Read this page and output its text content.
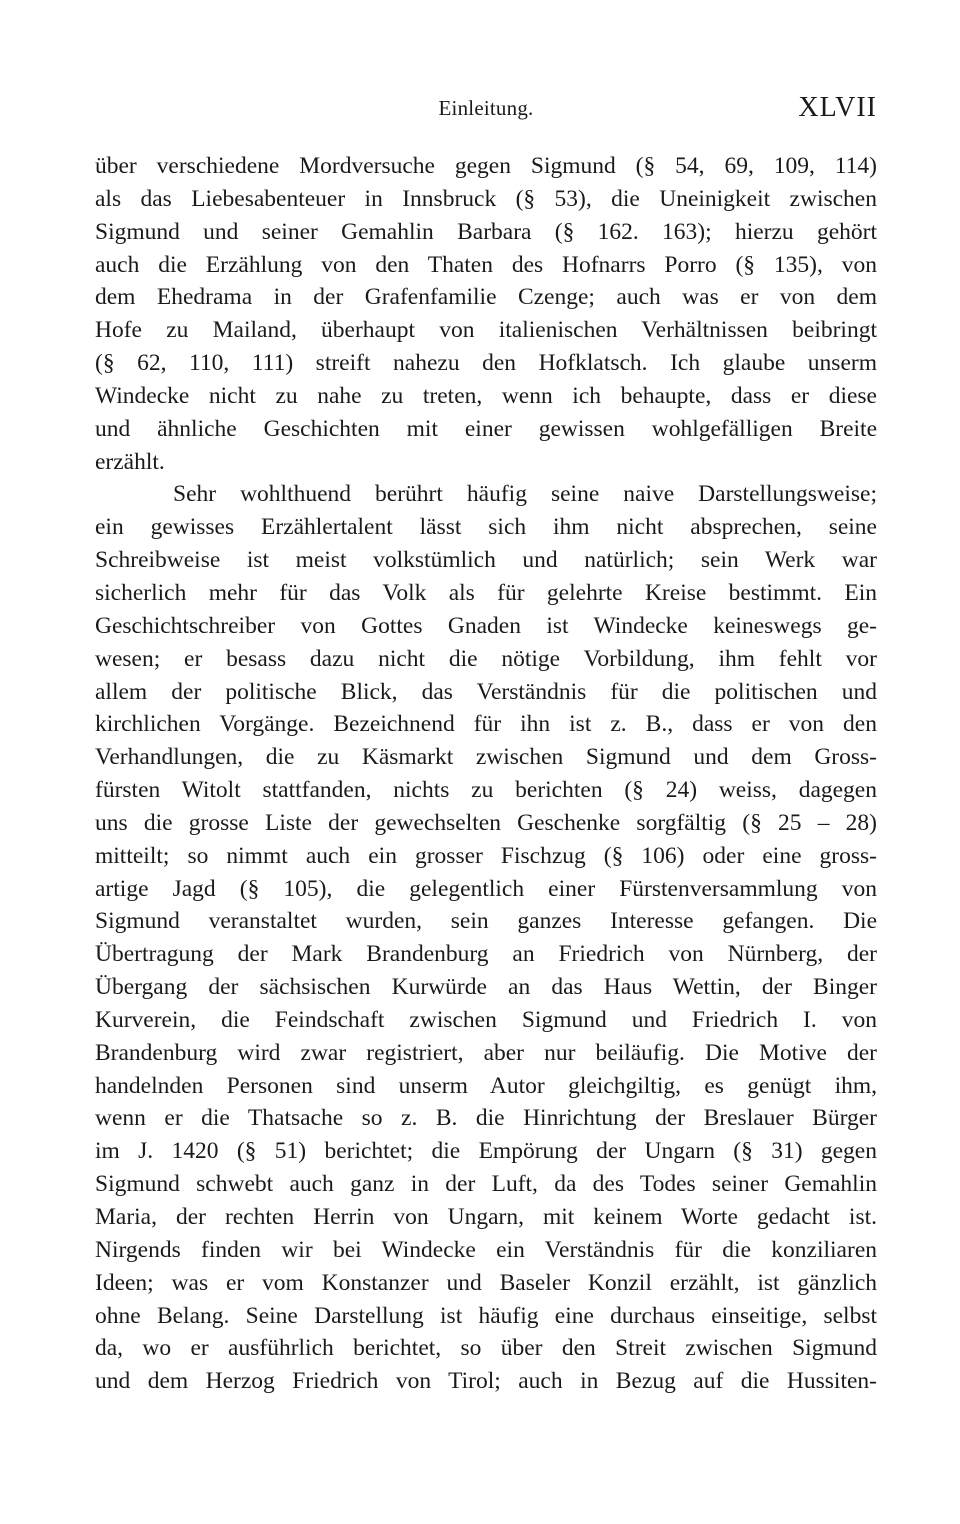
Einleitung.	XLVII
über verschiedene Mordversuche gegen Sigmund (§ 54, 69, 109, 114)
als das Liebesabenteuer in Innsbruck (§ 53), die Uneinigkeit zwischen
Sigmund und seiner Gemahlin Barbara (§ 162. 163); hierzu gehört
auch die Erzählung von den Thaten des Hofnarrs Porro (§ 135), von
dem Ehedrama in der Grafenfamilie Czenge; auch was er von dem
Hofe zu Mailand, überhaupt von italienischen Verhältnissen beibringt
(§ 62, 110, 111) streift nahezu den Hofklatsch. Ich glaube unserm
Windecke nicht zu nahe zu treten, wenn ich behaupte, dass er diese
und ähnliche Geschichten mit einer gewissen wohlgefälligen Breite
erzählt.
Sehr wohlthuend berührt häufig seine naive Darstellungsweise;
ein gewisses Erzählertalent lässt sich ihm nicht absprechen, seine
Schreibweise ist meist volkstümlich und natürlich; sein Werk war
sicherlich mehr für das Volk als für gelehrte Kreise bestimmt. Ein
Geschichtschreiber von Gottes Gnaden ist Windecke keineswegs ge-
wesen; er besass dazu nicht die nötige Vorbildung, ihm fehlt vor
allem der politische Blick, das Verständnis für die politischen und
kirchlichen Vorgänge. Bezeichnend für ihn ist z. B., dass er von den
Verhandlungen, die zu Käsmarkt zwischen Sigmund und dem Gross-
fürsten Witolt stattfanden, nichts zu berichten (§ 24) weiss, dagegen
uns die grosse Liste der gewechselten Geschenke sorgfältig (§ 25 – 28)
mitteilt; so nimmt auch ein grosser Fischzug (§ 106) oder eine gross-
artige Jagd (§ 105), die gelegentlich einer Fürstenversammlung von
Sigmund veranstaltet wurden, sein ganzes Interesse gefangen. Die
Übertragung der Mark Brandenburg an Friedrich von Nürnberg, der
Übergang der sächsischen Kurwürde an das Haus Wettin, der Binger
Kurverein, die Feindschaft zwischen Sigmund und Friedrich I. von
Brandenburg wird zwar registriert, aber nur beiläufig. Die Motive der
handelnden Personen sind unserm Autor gleichgiltig, es genügt ihm,
wenn er die Thatsache so z. B. die Hinrichtung der Breslauer Bürger
im J. 1420 (§ 51) berichtet; die Empörung der Ungarn (§ 31) gegen
Sigmund schwebt auch ganz in der Luft, da des Todes seiner Gemahlin
Maria, der rechten Herrin von Ungarn, mit keinem Worte gedacht ist.
Nirgends finden wir bei Windecke ein Verständnis für die konziliaren
Ideen; was er vom Konstanzer und Baseler Konzil erzählt, ist gänzlich
ohne Belang. Seine Darstellung ist häufig eine durchaus einseitige, selbst
da, wo er ausführlich berichtet, so über den Streit zwischen Sigmund
und dem Herzog Friedrich von Tirol; auch in Bezug auf die Hussiten-
